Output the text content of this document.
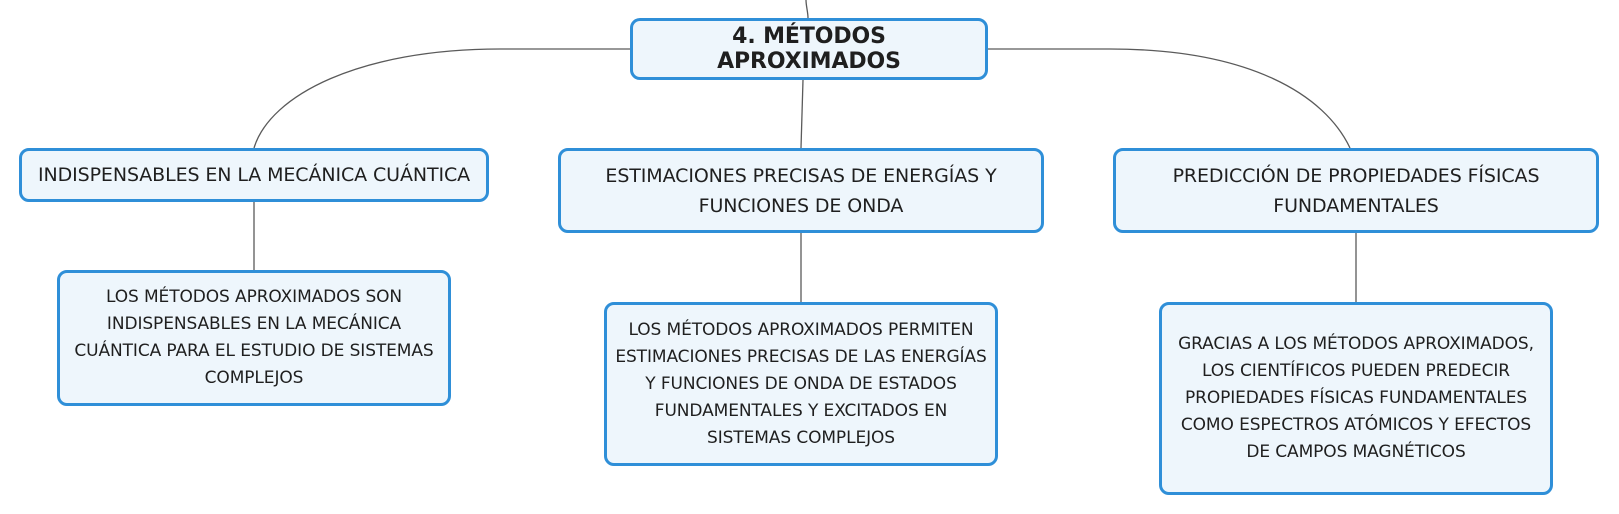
4. MÉTODOS APROXIMADOS
INDISPENSABLES EN LA MECÁNICA CUÁNTICA	ESTIMACIONES PRECISAS DE ENERGÍAS Y FUNCIONES DE ONDA
PREDICCIÓN DE PROPIEDADES FÍSICAS FUNDAMENTALES
LOS MÉTODOS APROXIMADOS SON INDISPENSABLES EN LA MECÁNICA CUÁNTICA PARA EL ESTUDIO DE SISTEMAS COMPLEJOS
LOS MÉTODOS APROXIMADOS PERMITEN ESTIMACIONES PRECISAS DE LAS ENERGÍAS Y FUNCIONES DE ONDA DE ESTADOS FUNDAMENTALES Y EXCITADOS EN SISTEMAS COMPLEJOS
GRACIAS A LOS MÉTODOS APROXIMADOS, LOS CIENTÍFICOS PUEDEN PREDECIR PROPIEDADES FÍSICAS FUNDAMENTALES COMO ESPECTROS ATÓMICOS Y EFECTOS DE CAMPOS MAGNÉTICOS
